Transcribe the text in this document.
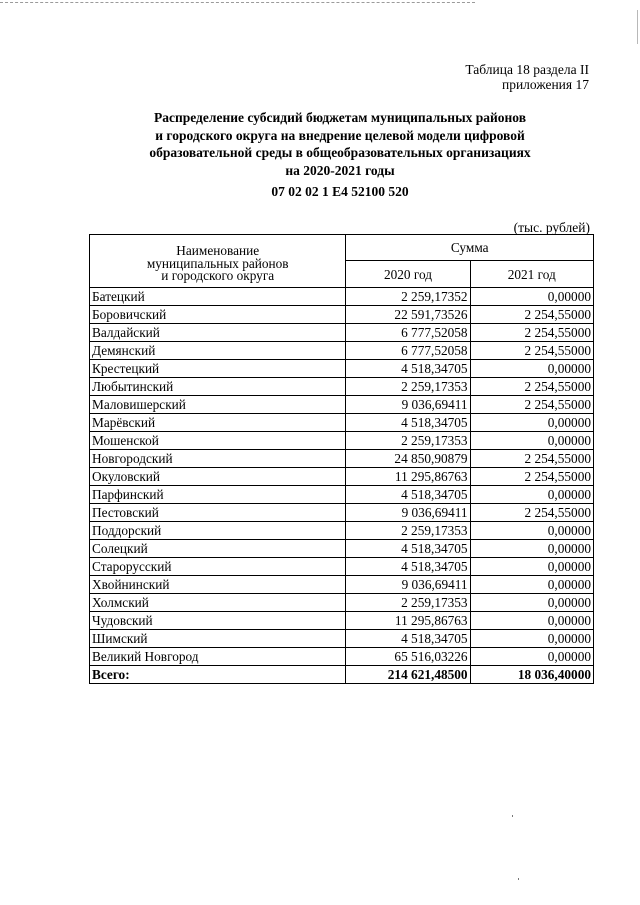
Таблица 18 раздела II
приложения 17
Распределение субсидий бюджетам муниципальных районов
и городского округа на внедрение целевой модели цифровой
образовательной среды в общеобразовательных организациях
на 2020-2021 годы
07 02 02 1 E4 52100 520
(тыс. рублей)
Наименование
муниципальных районов
и городского округа	Сумма	
	2020 год	2021 год
Батецкий	2 259,17352	0,00000
Боровичский	22 591,73526	2 254,55000
Валдайский	6 777,52058	2 254,55000
Демянский	6 777,52058	2 254,55000
Крестецкий	4 518,34705	0,00000
Любытинский	2 259,17353	2 254,55000
Маловишерский	9 036,69411	2 254,55000
Марёвский	4 518,34705	0,00000
Мошенской	2 259,17353	0,00000
Новгородский	24 850,90879	2 254,55000
Окуловский	11 295,86763	2 254,55000
Парфинский	4 518,34705	0,00000
Пестовский	9 036,69411	2 254,55000
Поддорский	2 259,17353	0,00000
Солецкий	4 518,34705	0,00000
Старорусский	4 518,34705	0,00000
Хвойнинский	9 036,69411	0,00000
Холмский	2 259,17353	0,00000
Чудовский	11 295,86763	0,00000
Шимский	4 518,34705	0,00000
Великий Новгород	65 516,03226	0,00000
Всего:	214 621,48500	18 036,40000
